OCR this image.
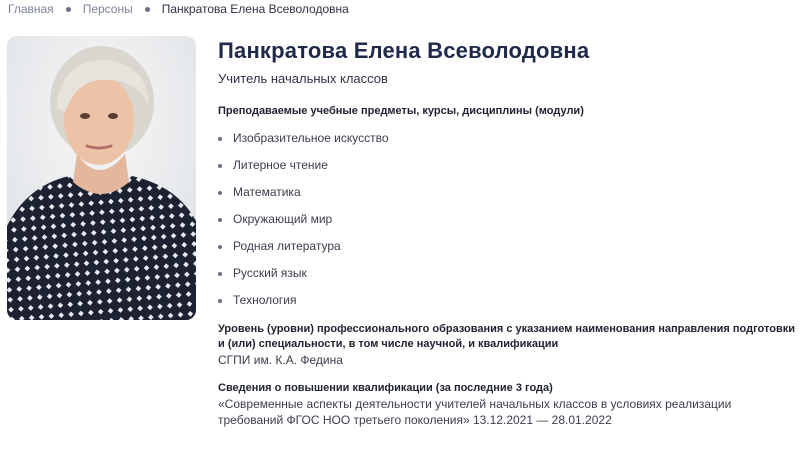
Главная Персоны Панкратова Елена Всеволодовна
Панкратова Елена Всеволодовна
Учитель начальных классов
Преподаваемые учебные предметы, курсы, дисциплины (модули)
Изобразительное искусство
Литерное чтение
Математика
Окружающий мир
Родная литература
Русский язык
Технология
Уровень (уровни) профессионального образования с указанием наименования направления подготовки и (или) специальности, в том числе научной, и квалификации
СГПИ им. К.А. Федина
Сведения о повышении квалификации (за последние 3 года)
«Современные аспекты деятельности учителей начальных классов в условиях реализации требований ФГОС НОО третьего поколения» 13.12.2021 — 28.01.2022
